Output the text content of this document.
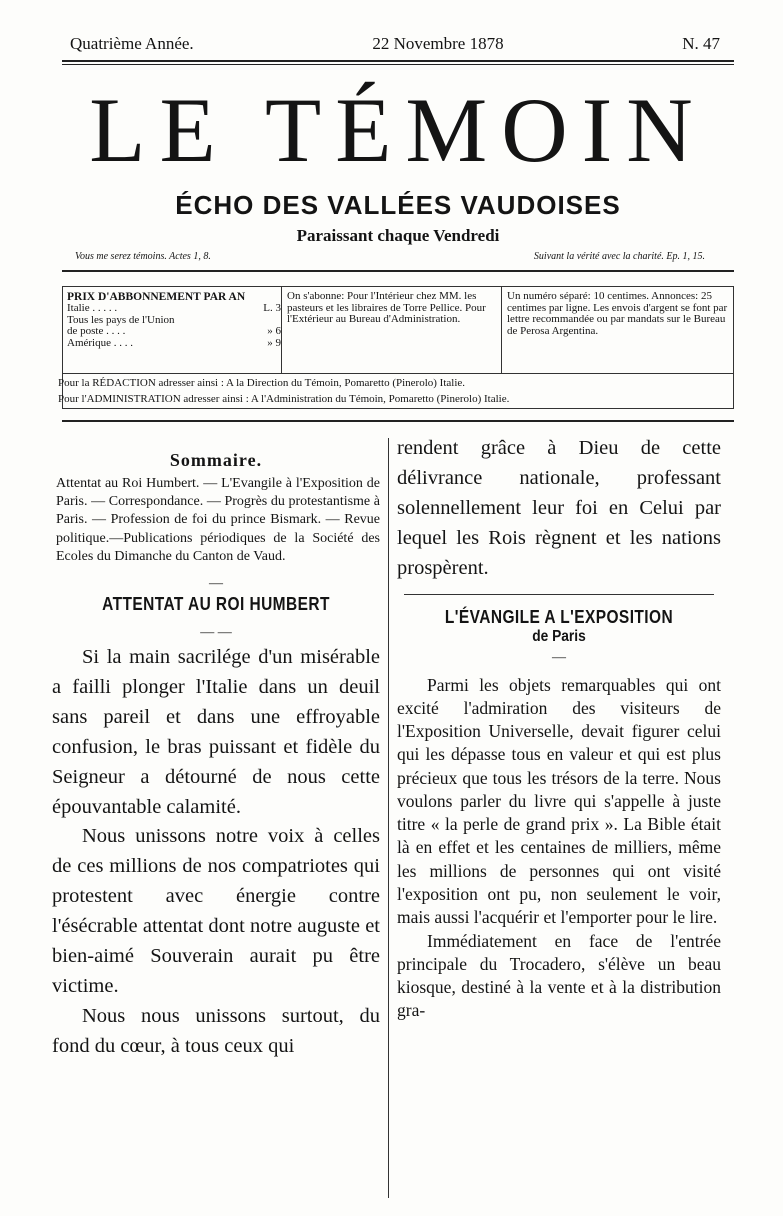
Quatrième Année.	22 Novembre 1878	N. 47
LE TÉMOIN
ÉCHO DES VALLÉES VAUDOISES
Paraissant chaque Vendredi
Vous me serez témoins. Actes 1, 8.	Suivant la vérité avec la charité. Ep. 1, 15.
PRIX D'ABBONNEMENT PAR AN
Italie . . . . .	L. 3
Tous les pays de l'Union
de poste . . . .	» 6
Amérique . . . .	» 9
On s'abonne: Pour l'Intérieur chez MM. les pasteurs et les libraires de Torre Pellice. Pour l'Extérieur au Bureau d'Administration.
Un numéro séparé: 10 centimes. Annonces: 25 centimes par ligne. Les envois d'argent se font par lettre recommandée ou par mandats sur le Bureau de Perosa Argentina.
Pour la RÉDACTION adresser ainsi : A la Direction du Témoin, Pomaretto (Pinerolo) Italie.
Pour l'ADMINISTRATION adresser ainsi : A l'Administration du Témoin, Pomaretto (Pinerolo) Italie.
Sommaire.
Attentat au Roi Humbert. — L'Evangile à l'Exposition de Paris. — Correspondance. — Progrès du protestantisme à Paris. — Profession de foi du prince Bismark. — Revue politique.—Publications périodiques de la Société des Ecoles du Dimanche du Canton de Vaud.
—
ATTENTAT AU ROI HUMBERT
— —

Si la main sacrilége d'un misérable a failli plonger l'Italie dans un deuil sans pareil et dans une effroyable confusion, le bras puissant et fidèle du Seigneur a détourné de nous cette épouvantable calamité.

Nous unissons notre voix à celles de ces millions de nos compatriotes qui protestent avec énergie contre l'ésécrable attentat dont notre auguste et bien-aimé Souverain aurait pu être victime.

Nous nous unissons surtout, du fond du cœur, à tous ceux qui

rendent grâce à Dieu de cette délivrance nationale, professant solennellement leur foi en Celui par lequel les Rois règnent et les nations prospèrent.

L'ÉVANGILE A L'EXPOSITION
de Paris
—

Parmi les objets remarquables qui ont excité l'admiration des visiteurs de l'Exposition Universelle, devait figurer celui qui les dépasse tous en valeur et qui est plus précieux que tous les trésors de la terre. Nous voulons parler du livre qui s'appelle à juste titre « la perle de grand prix ». La Bible était là en effet et les centaines de milliers, même les millions de personnes qui ont visité l'exposition ont pu, non seulement le voir, mais aussi l'acquérir et l'emporter pour le lire.

Immédiatement en face de l'entrée principale du Trocadero, s'élève un beau kiosque, destiné à la vente et à la distribution gra-
